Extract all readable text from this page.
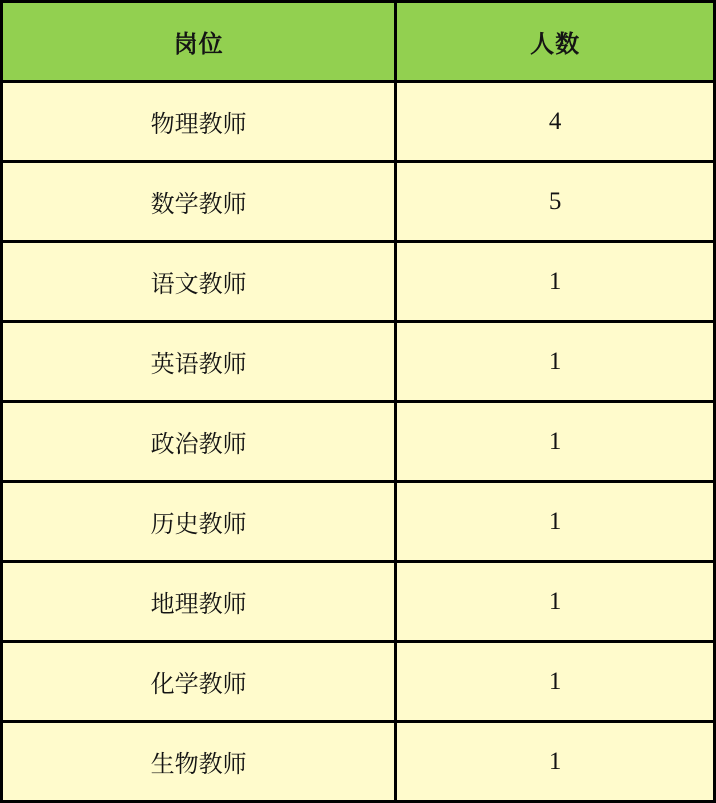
岗位	人数
物理教师	4
数学教师	5
语文教师	1
英语教师	1
政治教师	1
历史教师	1
地理教师	1
化学教师	1
生物教师	1
